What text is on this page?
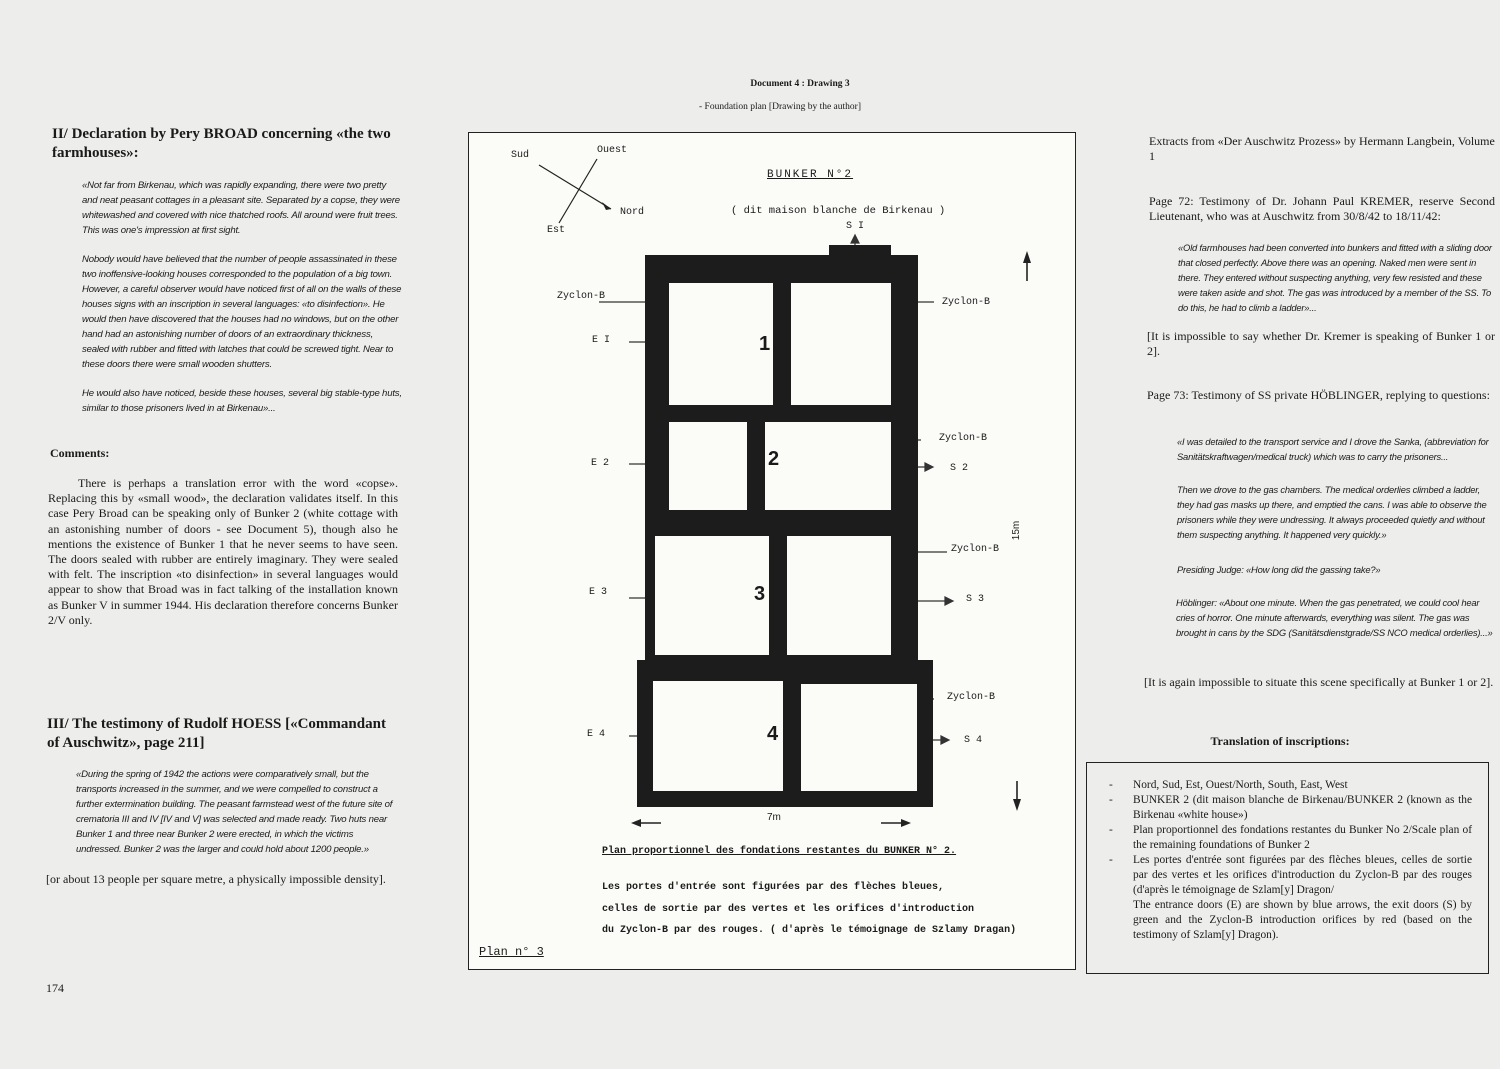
II/ Declaration by Pery BROAD concerning «the two farmhouses»:
«Not far from Birkenau, which was rapidly expanding, there were two pretty and neat peasant cottages in a pleasant site. Separated by a copse, they were whitewashed and covered with nice thatched roofs. All around were fruit trees. This was one's impression at first sight.
Nobody would have believed that the number of people assassinated in these two inoffensive-looking houses corresponded to the population of a big town. However, a careful observer would have noticed first of all on the walls of these houses signs with an inscription in several languages: «to disinfection». He would then have discovered that the houses had no windows, but on the other hand had an astonishing number of doors of an extraordinary thickness, sealed with rubber and fitted with latches that could be screwed tight. Near to these doors there were small wooden shutters.
He would also have noticed, beside these houses, several big stable-type huts, similar to those prisoners lived in at Birkenau»...
Comments:
There is perhaps a translation error with the word «copse». Replacing this by «small wood», the declaration validates itself. In this case Pery Broad can be speaking only of Bunker 2 (white cottage with an astonishing number of doors - see Document 5), though also he mentions the existence of Bunker 1 that he never seems to have seen. The doors sealed with rubber are entirely imaginary. They were sealed with felt. The inscription «to disinfection» in several languages would appear to show that Broad was in fact talking of the installation known as Bunker V in summer 1944. His declaration therefore concerns Bunker 2/V only.
III/ The testimony of Rudolf HOESS [«Commandant of Auschwitz», page 211]
«During the spring of 1942 the actions were comparatively small, but the transports increased in the summer, and we were compelled to construct a further extermination building. The peasant farmstead west of the future site of crematoria III and IV [IV and V] was selected and made ready. Two huts near Bunker 1 and three near Bunker 2 were erected, in which the victims undressed. Bunker 2 was the larger and could hold about 1200 people.»
[or about 13 people per square metre, a physically impossible density].
174
Document 4 : Drawing 3
- Foundation plan [Drawing by the author]
Sud	Ouest
Est
Nord
BUNKER N°2
( dit maison blanche de Birkenau )
1
2
3
4
S I
Zyclon-B
E I
E 2
E 3
E 4
Zyclon-B
Zyclon-B
S 2
Zyclon-B
S 3
Zyclon-B
S 4
7m
15m
Plan proportionnel des fondations restantes du BUNKER N° 2.
Les portes d'entrée sont figurées par des flèches bleues,
celles de sortie par des vertes et les orifices d'introduction
du Zyclon-B par des rouges. ( d'après le témoignage de Szlamy Dragan)
Plan n° 3
Extracts from «Der Auschwitz Prozess» by Hermann Langbein, Volume 1
Page 72: Testimony of Dr. Johann Paul KREMER, reserve Second Lieutenant, who was at Auschwitz from 30/8/42 to 18/11/42:
«Old farmhouses had been converted into bunkers and fitted with a sliding door that closed perfectly. Above there was an opening. Naked men were sent in there. They entered without suspecting anything, very few resisted and these were taken aside and shot. The gas was introduced by a member of the SS. To do this, he had to climb a ladder»...
[It is impossible to say whether Dr. Kremer is speaking of Bunker 1 or 2].
Page 73: Testimony of SS private HÖBLINGER, replying to questions:
«I was detailed to the transport service and I drove the Sanka, (abbreviation for Sanitätskraftwagen/medical truck) which was to carry the prisoners...
Then we drove to the gas chambers. The medical orderlies climbed a ladder, they had gas masks up there, and emptied the cans. I was able to observe the prisoners while they were undressing. It always proceeded quietly and without them suspecting anything. It happened very quickly.»
Presiding Judge: «How long did the gassing take?»
Höblinger: «About one minute. When the gas penetrated, we could cool hear cries of horror. One minute afterwards, everything was silent. The gas was brought in cans by the SDG (Sanitätsdienstgrade/SS NCO medical orderlies)...»
[It is again impossible to situate this scene specifically at Bunker 1 or 2].
Translation of inscriptions:
- Nord, Sud, Est, Ouest/North, South, East, West
- BUNKER 2 (dit maison blanche de Birkenau/BUNKER 2 (known as the Birkenau «white house»)
- Plan proportionnel des fondations restantes du Bunker No 2/Scale plan of the remaining foundations of Bunker 2
- Les portes d'entrée sont figurées par des flèches bleues, celles de sortie par des vertes et les orifices d'introduction du Zyclon-B par des rouges (d'après le témoignage de Szlam[y] Dragon/
The entrance doors (E) are shown by blue arrows, the exit doors (S) by green and the Zyclon-B introduction orifices by red (based on the testimony of Szlam[y] Dragon).
